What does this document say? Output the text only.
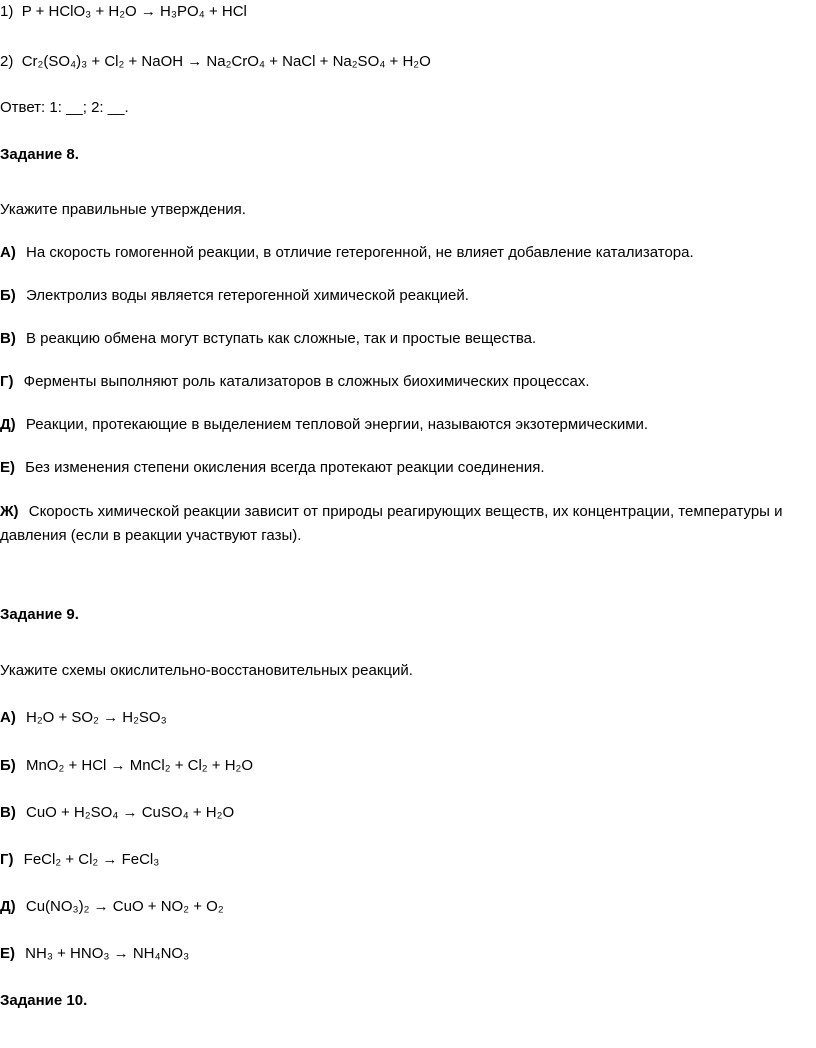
1) P + HClO₃ + H₂O → H₃PO₄ + HCl
2) Cr₂(SO₄)₃ + Cl₂ + NaOH → Na₂CrO₄ + NaCl + Na₂SO₄ + H₂O
Ответ: 1: __; 2: __.
Задание 8.
Укажите правильные утверждения.
А) На скорость гомогенной реакции, в отличие гетерогенной, не влияет добавление катализатора.
Б) Электролиз воды является гетерогенной химической реакцией.
В) В реакцию обмена могут вступать как сложные, так и простые вещества.
Г) Ферменты выполняют роль катализаторов в сложных биохимических процессах.
Д) Реакции, протекающие в выделением тепловой энергии, называются экзотермическими.
Е) Без изменения степени окисления всегда протекают реакции соединения.
Ж) Скорость химической реакции зависит от природы реагирующих веществ, их концентрации, температуры и давления (если в реакции участвуют газы).
Задание 9.
Укажите схемы окислительно-восстановительных реакций.
А) H₂O + SO₂ → H₂SO₃
Б) MnO₂ + HCl → MnCl₂ + Cl₂ + H₂O
В) CuO + H₂SO₄ → CuSO₄ + H₂O
Г) FeCl₂ + Cl₂ → FeCl₃
Д) Cu(NO₃)₂ → CuO + NO₂ + O₂
Е) NH₃ + HNO₃ → NH₄NO₃
Задание 10.
